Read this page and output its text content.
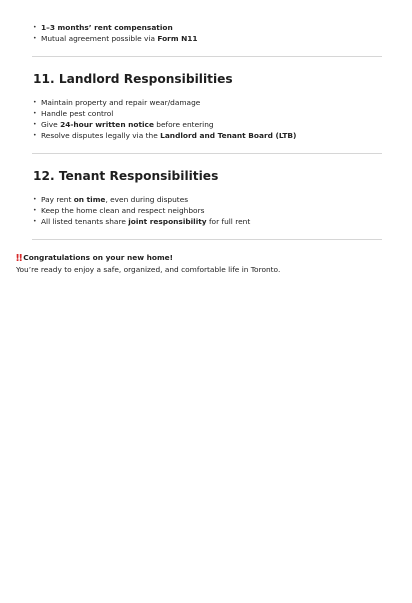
• 1–3 months’ rent compensation
• Mutual agreement possible via Form N11
11. Landlord Responsibilities
• Maintain property and repair wear/damage
• Handle pest control
• Give 24-hour written notice before entering
• Resolve disputes legally via the Landlord and Tenant Board (LTB)
12. Tenant Responsibilities
• Pay rent on time, even during disputes
• Keep the home clean and respect neighbors
• All listed tenants share joint responsibility for full rent
‼ Congratulations on your new home!
You’re ready to enjoy a safe, organized, and comfortable life in Toronto.
